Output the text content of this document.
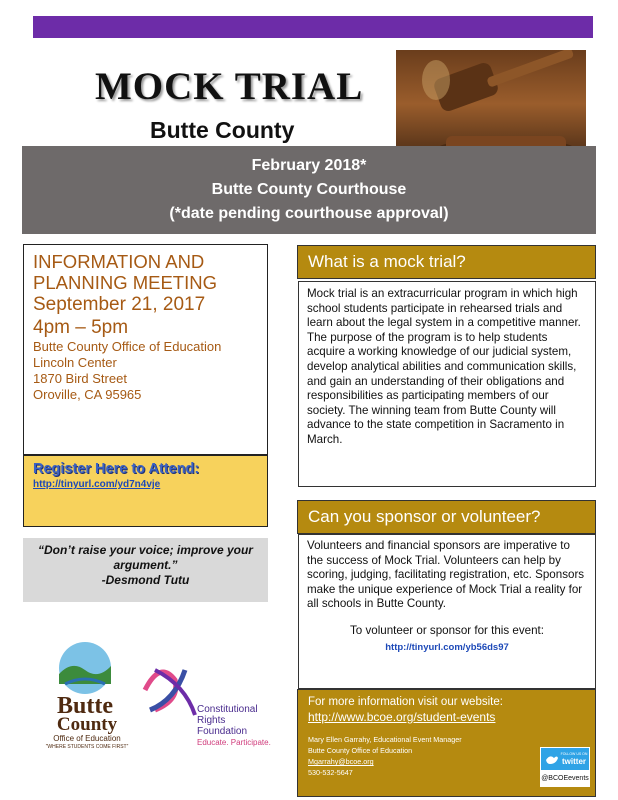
MOCK TRIAL
Butte County
February 2018*
Butte County Courthouse
(*date pending courthouse approval)
INFORMATION AND
PLANNING MEETING
September 21, 2017
4pm – 5pm
Butte County Office of Education
Lincoln Center
1870 Bird Street
Oroville, CA 95965
Register Here to Attend:
http://tinyurl.com/yd7n4vje
“Don’t raise your voice; improve your
argument.”
-Desmond Tutu
What is a mock trial?
Mock trial is an extracurricular program in which high school students participate in rehearsed trials and learn about the legal system in a competitive manner. The purpose of the program is to help students acquire a working knowledge of our judicial system, develop analytical abilities and communication skills, and gain an understanding of their obligations and responsibilities as participating members of our society. The winning team from Butte County will advance to the state competition in Sacramento in March.
Can you sponsor or volunteer?
Volunteers and financial sponsors are imperative to the success of Mock Trial. Volunteers can help by scoring, judging, facilitating registration, etc. Sponsors make the unique experience of Mock Trial a reality for all schools in Butte County.
To volunteer or sponsor for this event:
http://tinyurl.com/yb56ds97
For more information visit our website:
http://www.bcoe.org/student-events
Mary Ellen Garrahy, Educational Event Manager
Butte County Office of Education
Mgarrahy@bcoe.org
530-532-5647
FOLLOW US ON
twitter
@BCOEevents
Butte
County
Office of Education
“WHERE STUDENTS COME FIRST”
Constitutional
Rights
Foundation
Educate. Participate.
